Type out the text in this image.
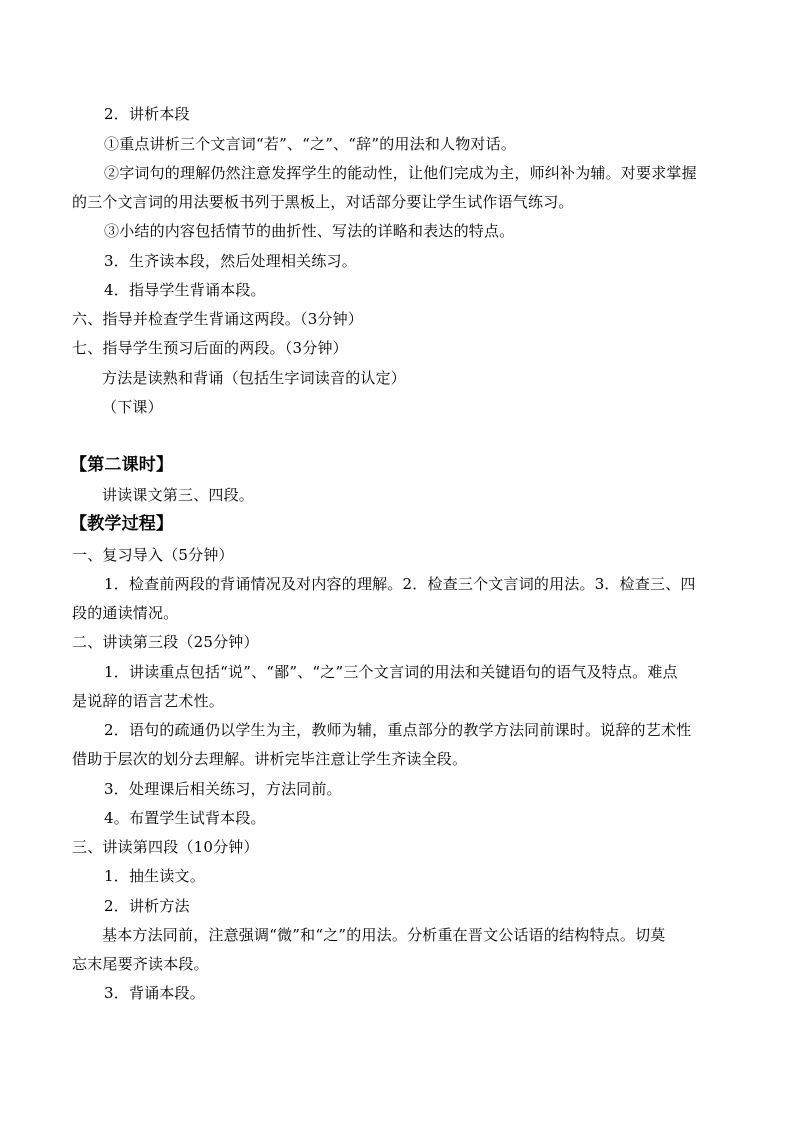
2．讲析本段
①重点讲析三个文言词“若”、“之”、“辞”的用法和人物对话。
②字词句的理解仍然注意发挥学生的能动性，让他们完成为主，师纠补为辅。对要求掌握
的三个文言词的用法要板书列于黑板上，对话部分要让学生试作语气练习。
③小结的内容包括情节的曲折性、写法的详略和表达的特点。
3．生齐读本段，然后处理相关练习。
4．指导学生背诵本段。
六、指导并检查学生背诵这两段。（3分钟）
七、指导学生预习后面的两段。（3分钟）
方法是读熟和背诵（包括生字词读音的认定）
（下课）
【第二课时】
讲读课文第三、四段。
【教学过程】
一、复习导入（5分钟）
1．检查前两段的背诵情况及对内容的理解。2．检查三个文言词的用法。3．检查三、四
段的通读情况。
二、讲读第三段（25分钟）
1．讲读重点包括“说”、“鄙”、“之”三个文言词的用法和关键语句的语气及特点。难点
是说辞的语言艺术性。
2．语句的疏通仍以学生为主，教师为辅，重点部分的教学方法同前课时。说辞的艺术性
借助于层次的划分去理解。讲析完毕注意让学生齐读全段。
3．处理课后相关练习，方法同前。
4。布置学生试背本段。
三、讲读第四段（10分钟）
1．抽生读文。
2．讲析方法
基本方法同前，注意强调“微”和“之”的用法。分析重在晋文公话语的结构特点。切莫
忘末尾要齐读本段。
3．背诵本段。
